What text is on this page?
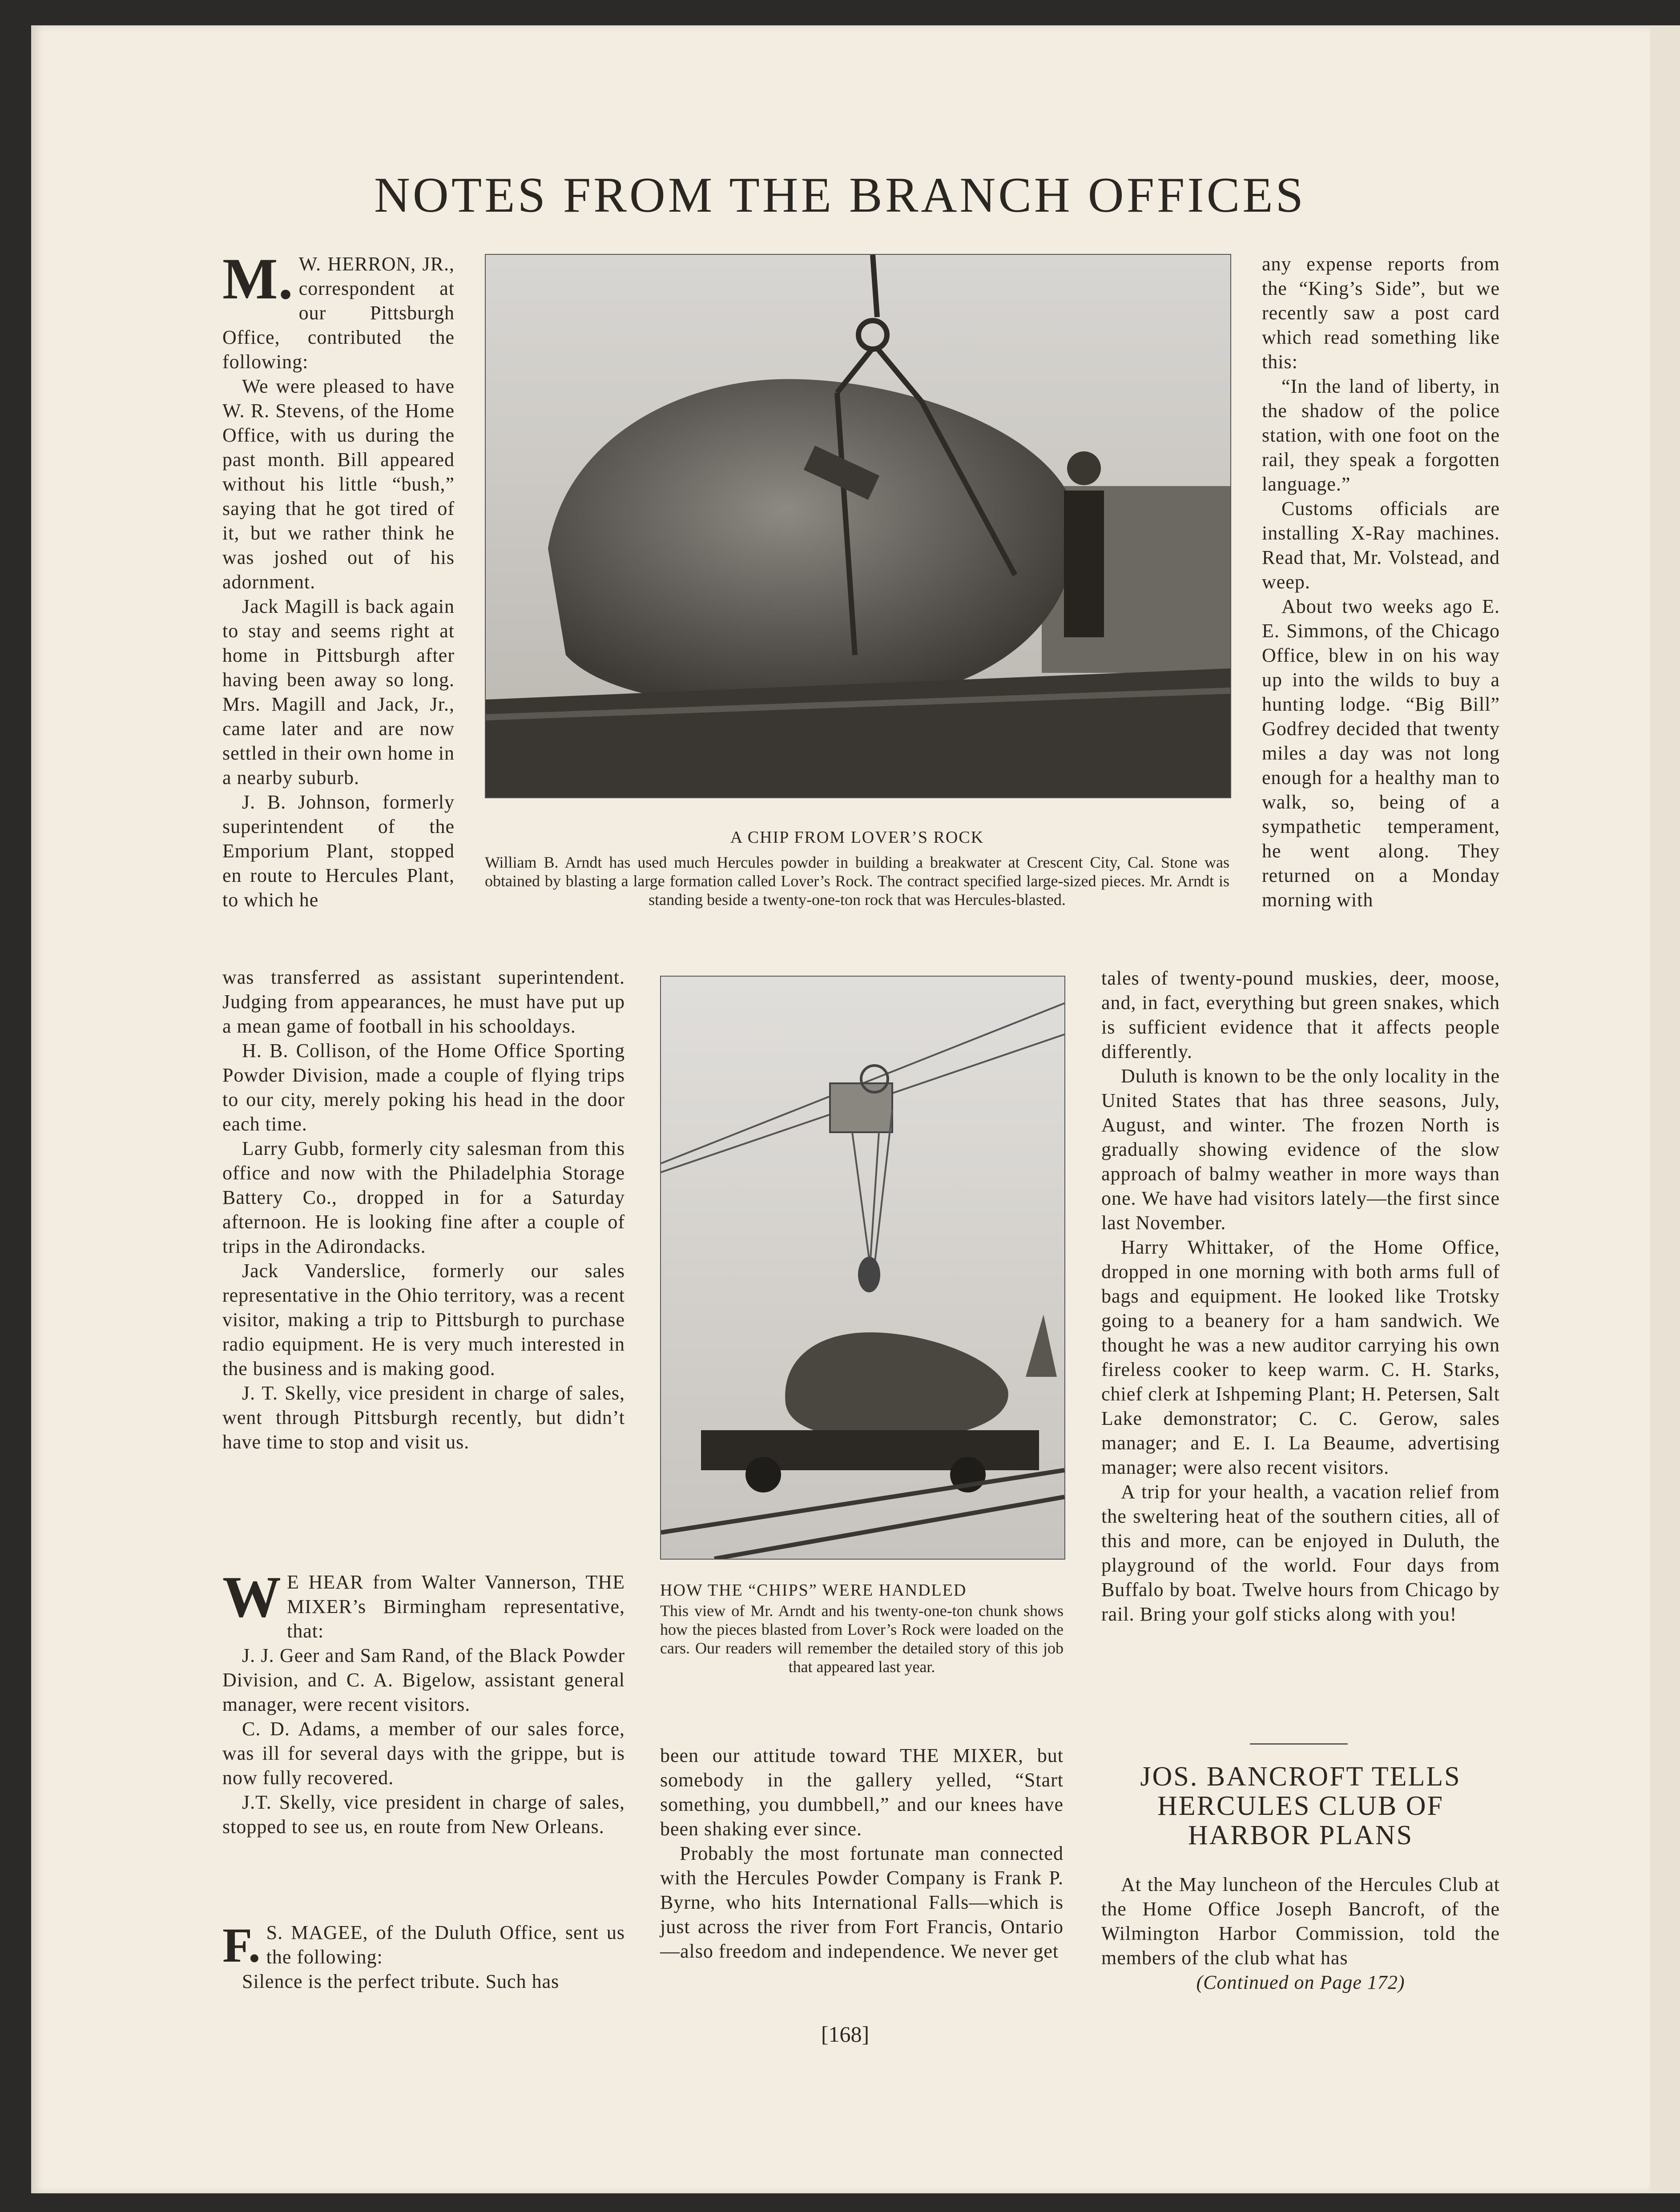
NOTES FROM THE BRANCH OFFICES

M. W. HERRON, JR., correspondent at our Pittsburgh Office, contributed the following:

We were pleased to have W. R. Stevens, of the Home Office, with us during the past month. Bill appeared without his little “bush,” saying that he got tired of it, but we rather think he was joshed out of his adornment.

Jack Magill is back again to stay and seems right at home in Pittsburgh after having been away so long. Mrs. Magill and Jack, Jr., came later and are now settled in their own home in a nearby suburb.

J. B. Johnson, formerly superintendent of the Emporium Plant, stopped en route to Hercules Plant, to which he

was transferred as assistant superintendent. Judging from appearances, he must have put up a mean game of football in his schooldays.

H. B. Collison, of the Home Office Sporting Powder Division, made a couple of flying trips to our city, merely poking his head in the door each time.

Larry Gubb, formerly city salesman from this office and now with the Philadelphia Storage Battery Co., dropped in for a Saturday afternoon. He is looking fine after a couple of trips in the Adirondacks.

Jack Vanderslice, formerly our sales representative in the Ohio territory, was a recent visitor, making a trip to Pittsburgh to purchase radio equipment. He is very much interested in the business and is making good.

J. T. Skelly, vice president in charge of sales, went through Pittsburgh recently, but didn’t have time to stop and visit us.

W E HEAR from Walter Vannerson, THE MIXER’s Birmingham representative, that:

J. J. Geer and Sam Rand, of the Black Powder Division, and C. A. Bigelow, assistant general manager, were recent visitors.

C. D. Adams, a member of our sales force, was ill for several days with the grippe, but is now fully recovered.

J.T. Skelly, vice president in charge of sales, stopped to see us, en route from New Orleans.

F. S. MAGEE, of the Duluth Office, sent us the following:

Silence is the perfect tribute. Such has

A CHIP FROM LOVER’S ROCK

William B. Arndt has used much Hercules powder in building a breakwater at Crescent City, Cal. Stone was obtained by blasting a large formation called Lover’s Rock. The contract specified large-sized pieces. Mr. Arndt is standing beside a twenty-one-ton rock that was Hercules-blasted.

any expense reports from the “King’s Side”, but we recently saw a post card which read something like this:

“In the land of liberty, in the shadow of the police station, with one foot on the rail, they speak a forgotten language.”

Customs officials are installing X-Ray machines. Read that, Mr. Volstead, and weep.

About two weeks ago E. E. Simmons, of the Chicago Office, blew in on his way up into the wilds to buy a hunting lodge. “Big Bill” Godfrey decided that twenty miles a day was not long enough for a healthy man to walk, so, being of a sympathetic temperament, he went along. They returned on a Monday morning with

tales of twenty-pound muskies, deer, moose, and, in fact, everything but green snakes, which is sufficient evidence that it affects people differently.

Duluth is known to be the only locality in the United States that has three seasons, July, August, and winter. The frozen North is gradually showing evidence of the slow approach of balmy weather in more ways than one. We have had visitors lately—the first since last November.

Harry Whittaker, of the Home Office, dropped in one morning with both arms full of bags and equipment. He looked like Trotsky going to a beanery for a ham sandwich. We thought he was a new auditor carrying his own fireless cooker to keep warm. C. H. Starks, chief clerk at Ishpeming Plant; H. Petersen, Salt Lake demonstrator; C. C. Gerow, sales manager; and E. I. La Beaume, advertising manager; were also recent visitors.

A trip for your health, a vacation relief from the sweltering heat of the southern cities, all of this and more, can be enjoyed in Duluth, the playground of the world. Four days from Buffalo by boat. Twelve hours from Chicago by rail. Bring your golf sticks along with you!

HOW THE “CHIPS” WERE HANDLED

This view of Mr. Arndt and his twenty-one-ton chunk shows how the pieces blasted from Lover’s Rock were loaded on the cars. Our readers will remember the detailed story of this job that appeared last year.

been our attitude toward THE MIXER, but somebody in the gallery yelled, “Start something, you dumbbell,” and our knees have been shaking ever since.

Probably the most fortunate man connected with the Hercules Powder Company is Frank P. Byrne, who hits International Falls—which is just across the river from Fort Francis, Ontario—also freedom and independence. We never get

JOS. BANCROFT TELLS HERCULES CLUB OF HARBOR PLANS

At the May luncheon of the Hercules Club at the Home Office Joseph Bancroft, of the Wilmington Harbor Commission, told the members of the club what has

(Continued on Page 172)

[168]
